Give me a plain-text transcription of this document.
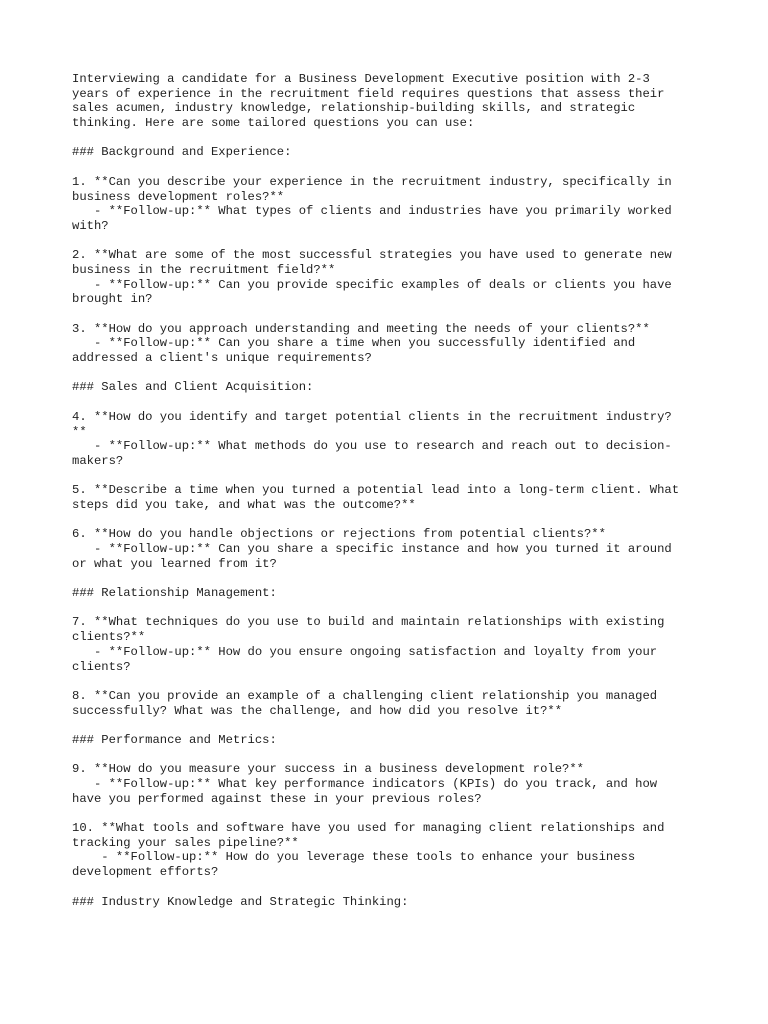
Interviewing a candidate for a Business Development Executive position with 2-3
years of experience in the recruitment field requires questions that assess their
sales acumen, industry knowledge, relationship-building skills, and strategic
thinking. Here are some tailored questions you can use:
### Background and Experience:
1. **Can you describe your experience in the recruitment industry, specifically in
business development roles?**
- **Follow-up:** What types of clients and industries have you primarily worked
with?
2. **What are some of the most successful strategies you have used to generate new
business in the recruitment field?**
- **Follow-up:** Can you provide specific examples of deals or clients you have
brought in?
3. **How do you approach understanding and meeting the needs of your clients?**
- **Follow-up:** Can you share a time when you successfully identified and
addressed a client's unique requirements?
### Sales and Client Acquisition:
4. **How do you identify and target potential clients in the recruitment industry?
**
- **Follow-up:** What methods do you use to research and reach out to decision-
makers?
5. **Describe a time when you turned a potential lead into a long-term client. What
steps did you take, and what was the outcome?**
6. **How do you handle objections or rejections from potential clients?**
- **Follow-up:** Can you share a specific instance and how you turned it around
or what you learned from it?
### Relationship Management:
7. **What techniques do you use to build and maintain relationships with existing
clients?**
- **Follow-up:** How do you ensure ongoing satisfaction and loyalty from your
clients?
8. **Can you provide an example of a challenging client relationship you managed
successfully? What was the challenge, and how did you resolve it?**
### Performance and Metrics:
9. **How do you measure your success in a business development role?**
- **Follow-up:** What key performance indicators (KPIs) do you track, and how
have you performed against these in your previous roles?
10. **What tools and software have you used for managing client relationships and
tracking your sales pipeline?**
- **Follow-up:** How do you leverage these tools to enhance your business
development efforts?
### Industry Knowledge and Strategic Thinking:
